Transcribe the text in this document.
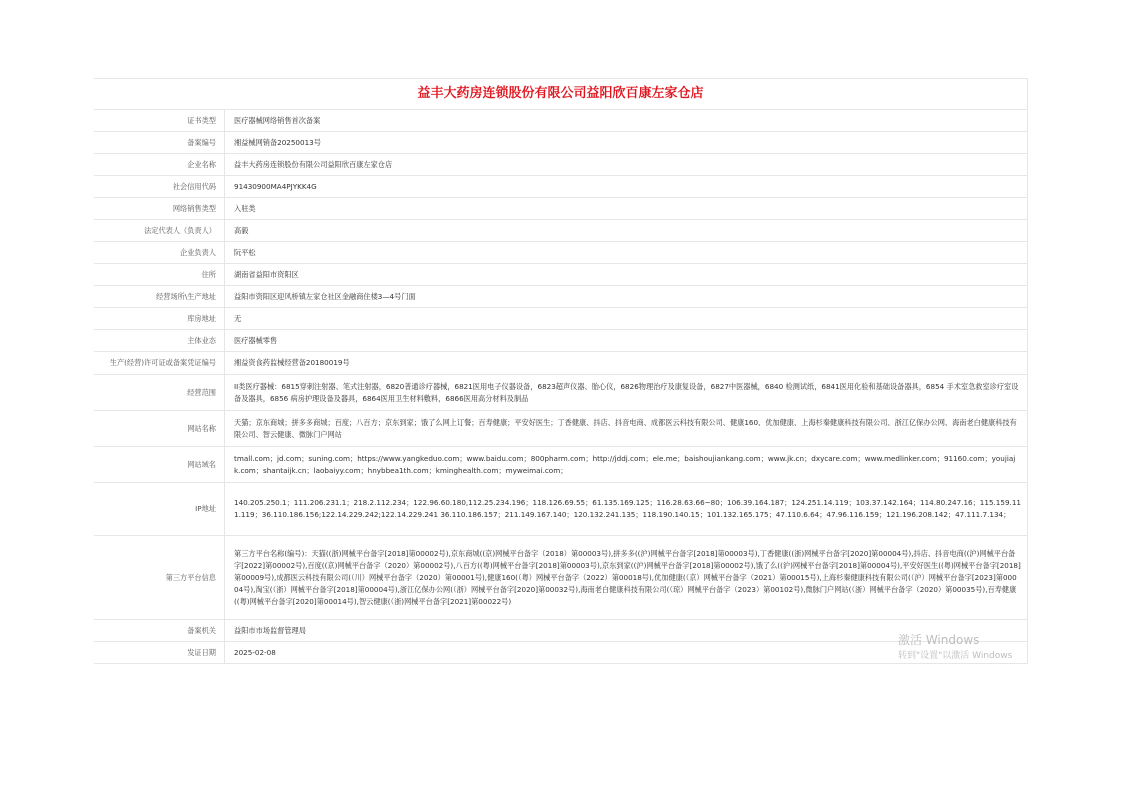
益丰大药房连锁股份有限公司益阳欣百康左家仓店
证书类型	医疗器械网络销售首次备案
备案编号	湘益械网销备20250013号
企业名称	益丰大药房连锁股份有限公司益阳欣百康左家仓店
社会信用代码	91430900MA4PJYKK4G
网络销售类型	入驻类
法定代表人（负责人）	高毅
企业负责人	阮平松
住所	湖南省益阳市资阳区
经营场所\生产地址	益阳市资阳区迎风桥镇左家仓社区金融商住楼3—4号门面
库房地址	无
主体业态	医疗器械零售
生产(经营)许可证或备案凭证编号	湘益资食药监械经营备20180019号
经营范围	II类医疗器械：6815穿刺注射器、笔式注射器，6820普通诊疗器械，6821医用电子仪器设备，6823超声仪器、胎心仪，6826物理治疗及康复设备，6827中医器械，6840 检测试纸，6841医用化验和基础设备器具，6854 手术室急救室诊疗室设备及器具，6856 病房护理设备及器具，6864医用卫生材料敷料，6866医用高分材料及制品
网站名称	天猫；京东商城；拼多多商城；百度；八百方；京东到家；饿了么网上订餐；百寿健康；平安好医生；丁香健康、抖店、抖音电商、成都医云科技有限公司、健康160、优加健康、上海杉秦健康科技有限公司、浙江亿保办公网、海南老白健康科技有限公司、智云健康、微脉门户网站
网站域名	tmall.com；jd.com；suning.com；https://www.yangkeduo.com；www.baidu.com；800pharm.com；http://jddj.com；ele.me；baishoujiankang.com；www.jk.cn；dxycare.com；www.medlinker.com；91160.com；youjiajk.com；shantaijk.cn；laobaiyy.com；hnybbea1th.com；kminghealth.com；myweimai.com；
IP地址	140.205.250.1；111.206.231.1；218.2.112.234；122.96.60.180,112.25.234.196；118.126.69.55；61.135.169.125；116.28.63.66~80；106.39.164.187；124.251.14.119；103.37.142.164；114.80.247.16；115.159.111.119；36.110.186.156;122.14.229.242;122.14.229.241 36.110.186.157；211.149.167.140；120.132.241.135；118.190.140.15；101.132.165.175；47.110.6.64；47.96.116.159；121.196.208.142；47.111.7.134；
第三方平台信息	第三方平台名称(编号)：天猫((浙)网械平台备字[2018]第00002号),京东商城((京)网械平台备字（2018）第00003号),拼多多((沪)网械平台备字[2018]第00003号),丁香健康((浙)网械平台备字[2020]第00004号),抖店、抖音电商((沪)网械平台备字[2022]第00002号),百度((京)网械平台备字（2020）第00002号),八百方((粤)网械平台备字[2018]第00003号),京东到家((沪)网械平台备字[2018]第00002号),饿了么((沪)网械平台备字[2018]第00004号),平安好医生((粤)网械平台备字[2018]第00009号),成都医云科技有限公司(（川）网械平台备字（2020）第00001号),健康160(（粤）网械平台备字（2022）第00018号),优加健康(（京）网械平台备字（2021）第00015号),上海杉秦健康科技有限公司(（沪）网械平台备字[2023]第00004号),淘宝(（浙）网械平台备字[2018]第00004号),浙江亿保办公网(（浙）网械平台备字[2020]第00032号),海南老白健康科技有限公司(（琼）网械平台备字（2023）第00102号),微脉门户网站(（浙）网械平台备字（2020）第00035号),百寿健康((粤)网械平台备字[2020]第00014号),智云健康(（浙)网械平台备字[2021]第00022号)
备案机关	益阳市市场监督管理局
发证日期	2025-02-08
激活 Windows
转到"设置"以激活 Windows
